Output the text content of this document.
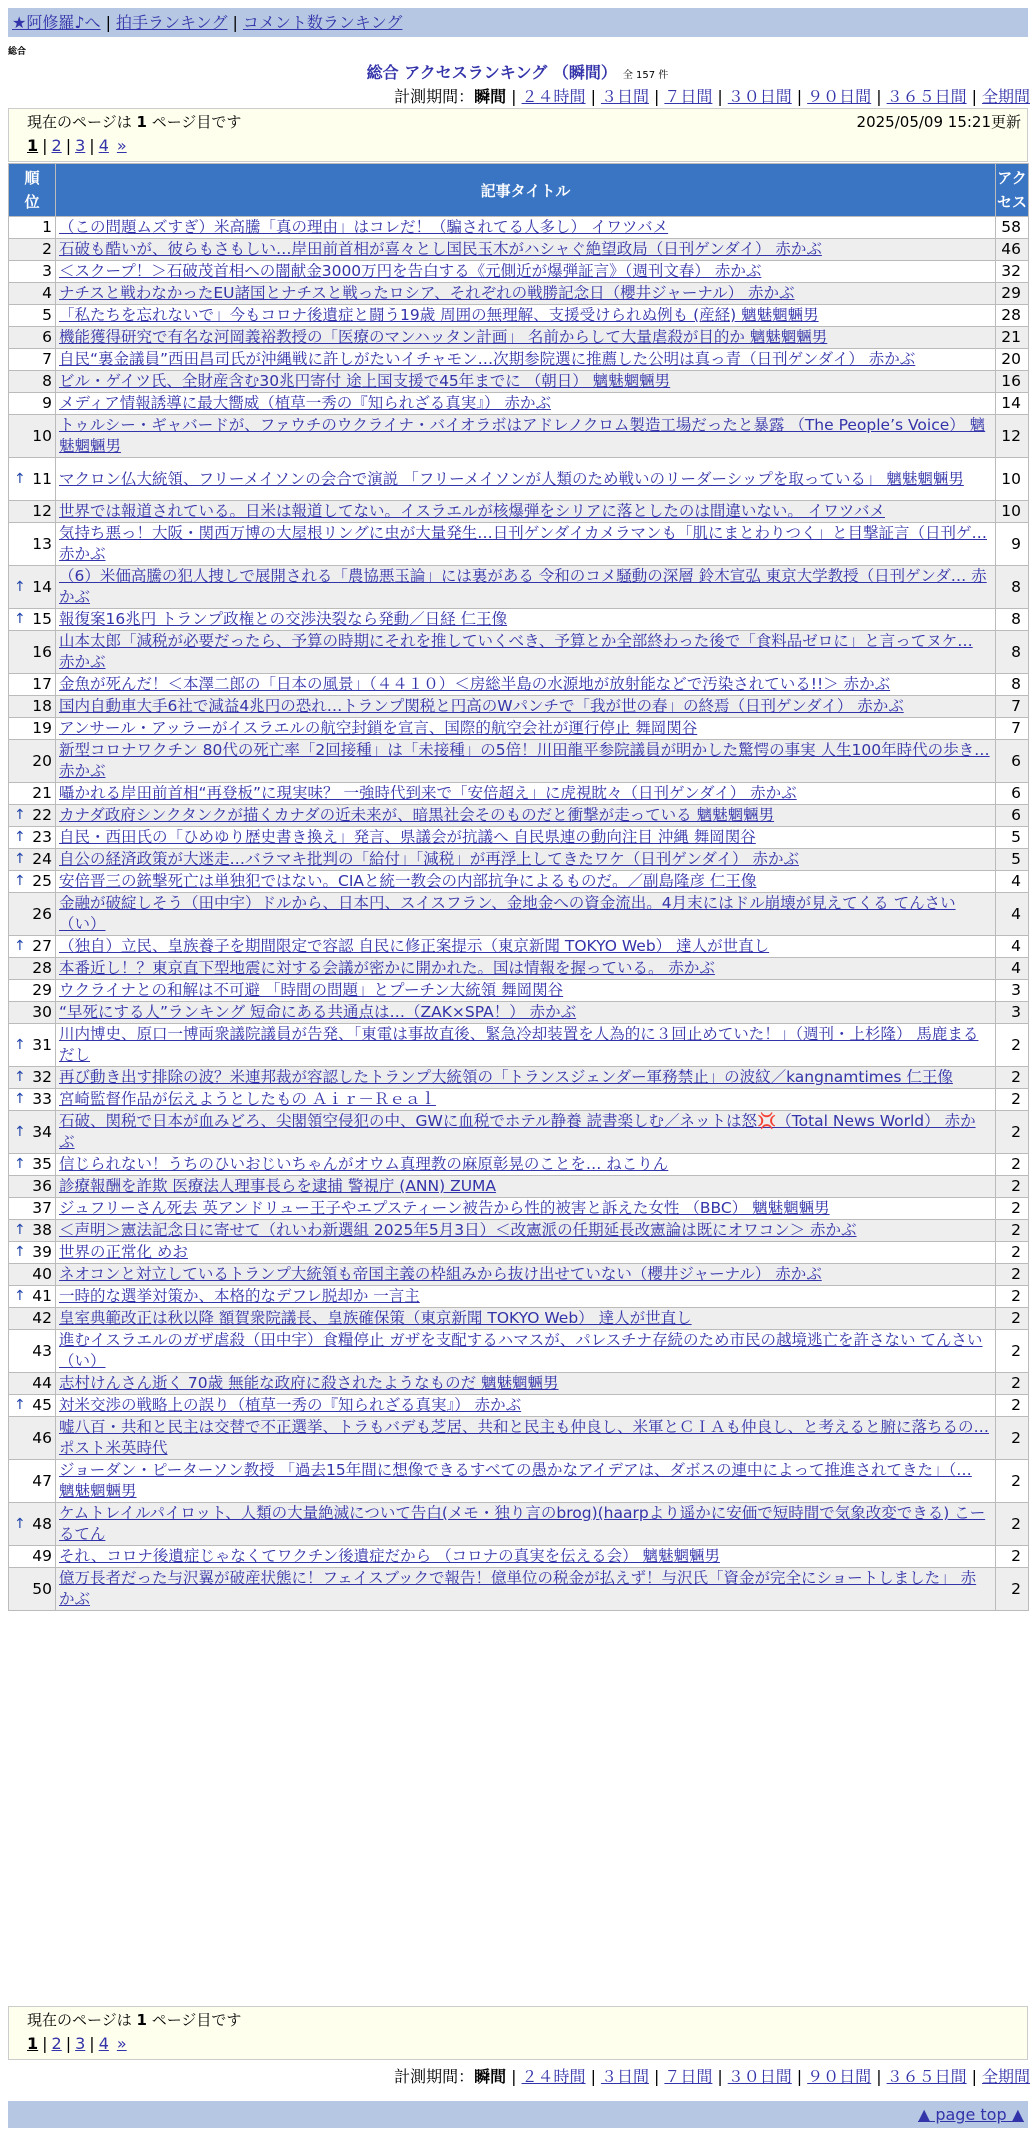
★阿修羅♪へ | 拍手ランキング | コメント数ランキング
総合
総合 アクセスランキング （瞬間） 全 157 件
計測期間：瞬間 | ２４時間 | ３日間 | ７日間 | ３０日間 | ９０日間 | ３６５日間 | 全期間
現在のページは 1 ページ目です	2025/05/09 15:21更新
1 | 2 | 3 | 4 »
順位	記事タイトル	アクセス
1	（この問題ムズすぎ）米高騰「真の理由」はコレだ！（騙されてる人多し） イワツバメ	58
2	石破も酷いが、彼らもさもしい…岸田前首相が喜々とし国民玉木がハシャぐ絶望政局（日刊ゲンダイ） 赤かぶ	46
3	＜スクープ！＞石破茂首相への闇献金3000万円を告白する《元側近が爆弾証言》（週刊文春） 赤かぶ	32
4	ナチスと戦わなかったEU諸国とナチスと戦ったロシア、それぞれの戦勝記念日（櫻井ジャーナル） 赤かぶ	29
5	「私たちを忘れないで」今もコロナ後遺症と闘う19歳 周囲の無理解、支援受けられぬ例も (産経) 魑魅魍魎男	28
6	機能獲得研究で有名な河岡義裕教授の「医療のマンハッタン計画」 名前からして大量虐殺が目的か 魑魅魍魎男	21
7	自民“裏金議員”西田昌司氏が沖縄戦に許しがたいイチャモン…次期参院選に推薦した公明は真っ青（日刊ゲンダイ） 赤かぶ	20
8	ビル・ゲイツ氏、全財産含む30兆円寄付 途上国支援で45年までに （朝日） 魑魅魍魎男	16
9	メディア情報誘導に最大嚮威（植草一秀の『知られざる真実』） 赤かぶ	14
10	トゥルシー・ギャバードが、ファウチのウクライナ・バイオラボはアドレノクロム製造工場だったと暴露 （The People’s Voice） 魑魅魍魎男	12

↑ 11	マクロン仏大統領、フリーメイソンの会合で演説 「フリーメイソンが人類のため戦いのリーダーシップを取っている」 魑魅魍魎男	10
12	世界では報道されている。日米は報道してない。イスラエルが核爆弾をシリアに落としたのは間違いない。 イワツバメ	10
13	気持ち悪っ！大阪・関西万博の大屋根リングに虫が大量発生…日刊ゲンダイカメラマンも「肌にまとわりつく」と目撃証言（日刊ゲ… 赤かぶ	9

↑ 14	（6）米価高騰の犯人捜しで展開される「農協悪玉論」には裏がある 令和のコメ騒動の深層 鈴木宣弘 東京大学教授（日刊ゲンダ… 赤かぶ	8

↑ 15	報復案16兆円 トランプ政権との交渉決裂なら発動／日経 仁王像	8
16	山本太郎「減税が必要だったら、予算の時期にそれを推していくべき、予算とか全部終わった後で「食料品ゼロに」と言ってヌケ… 赤かぶ	8
17	金魚が死んだ！＜本澤二郎の「日本の風景」（４４１０）＜房総半島の水源地が放射能などで汚染されている!!＞ 赤かぶ	8
18	国内自動車大手6社で減益4兆円の恐れ…トランプ関税と円高のWパンチで「我が世の春」の終焉（日刊ゲンダイ） 赤かぶ	7
19	アンサール・アッラーがイスラエルの航空封鎖を宣言、国際的航空会社が運行停止 舞岡関谷	7
20	新型コロナワクチン 80代の死亡率「2回接種」は「未接種」の5倍！川田龍平参院議員が明かした驚愕の事実 人生100年時代の歩き… 赤かぶ	6
21	囁かれる岸田前首相“再登板”に現実味？ 一強時代到来で「安倍超え」に虎視眈々（日刊ゲンダイ） 赤かぶ	6

↑ 22	カナダ政府シンクタンクが描くカナダの近未来が、暗黒社会そのものだと衝撃が走っている 魑魅魍魎男	6

↑ 23	自民・西田氏の「ひめゆり歴史書き換え」発言、県議会が抗議へ 自民県連の動向注目 沖縄 舞岡関谷	5

↑ 24	自公の経済政策が大迷走…バラマキ批判の「給付」「減税」が再浮上してきたワケ（日刊ゲンダイ） 赤かぶ	5

↑ 25	安倍晋三の銃撃死亡は単独犯ではない。CIAと統一教会の内部抗争によるものだ。／副島隆彦 仁王像	4
26	金融が破綻しそう（田中宇）ドルから、日本円、スイスフラン、金地金への資金流出。4月末にはドル崩壊が見えてくる てんさい（い）	4

↑ 27	（独自）立民、皇族養子を期間限定で容認 自民に修正案提示（東京新聞 TOKYO Web） 達人が世直し	4
28	本番近し！？東京直下型地震に対する会議が密かに開かれた。国は情報を握っている。 赤かぶ	4
29	ウクライナとの和解は不可避 「時間の問題」とプーチン大統領 舞岡関谷	3
30	“早死にする人”ランキング 短命にある共通点は…（ZAK×SPA！） 赤かぶ	3

↑ 31	川内博史、原口一博両衆議院議員が告発、「東電は事故直後、緊急冷却装置を人為的に３回止めていた！」（週刊・上杉隆） 馬鹿まるだし	2

↑ 32	再び動き出す排除の波？米連邦裁が容認したトランプ大統領の「トランスジェンダー軍務禁止」の波紋／kangnamtimes 仁王像	2

↑ 33	宮崎監督作品が伝えようとしたもの Ａｉｒ－Ｒｅａｌ	2

↑ 34	石破、関税で日本が血みどろ、尖閣領空侵犯の中、GWに血税でホテル静養 読書楽しむ／ネットは怒💢（Total News World） 赤かぶ	2

↑ 35	信じられない！うちのひいおじいちゃんがオウム真理教の麻原彰晃のことを… ねこりん	2
36	診療報酬を詐欺 医療法人理事長らを逮捕 警視庁 (ANN) ZUMA	2
37	ジュフリーさん死去 英アンドリュー王子やエプスティーン被告から性的被害と訴えた女性 （BBC） 魑魅魍魎男	2

↑ 38	＜声明＞憲法記念日に寄せて（れいわ新選組 2025年5月3日）＜改憲派の任期延長改憲論は既にオワコン＞ 赤かぶ	2

↑ 39	世界の正常化 めお	2
40	ネオコンと対立しているトランプ大統領も帝国主義の枠組みから抜け出せていない（櫻井ジャーナル） 赤かぶ	2

↑ 41	一時的な選挙対策か、本格的なデフレ脱却か 一言主	2
42	皇室典範改正は秋以降 額賀衆院議長、皇族確保策（東京新聞 TOKYO Web） 達人が世直し	2
43	進むイスラエルのガザ虐殺（田中宇）食糧停止 ガザを支配するハマスが、パレスチナ存続のため市民の越境逃亡を許さない てんさい（い）	2
44	志村けんさん逝く 70歳 無能な政府に殺されたようなものだ 魑魅魍魎男	2

↑ 45	対米交渉の戦略上の誤り（植草一秀の『知られざる真実』） 赤かぶ	2
46	嘘八百・共和と民主は交替で不正選挙、トラもバデも芝居、共和と民主も仲良し、米軍とＣＩＡも仲良し、と考えると腑に落ちるの… ポスト米英時代	2
47	ジョーダン・ピーターソン教授 「過去15年間に想像できるすべての愚かなアイデアは、ダボスの連中によって推進されてきた」（… 魑魅魍魎男	2

↑ 48	ケムトレイルパイロット、人類の大量絶滅について告白(メモ・独り言のbrog)(haarpより遥かに安価で短時間で気象改変できる) こーるてん	2
49	それ、コロナ後遺症じゃなくてワクチン後遺症だから （コロナの真実を伝える会） 魑魅魍魎男	2
50	億万長者だった与沢翼が破産状態に！フェイスブックで報告！億単位の税金が払えず！与沢氏「資金が完全にショートしました」 赤かぶ	2
現在のページは 1 ページ目です
1 | 2 | 3 | 4 »
計測期間：瞬間 | ２４時間 | ３日間 | ７日間 | ３０日間 | ９０日間 | ３６５日間 | 全期間
▲ page top ▲
